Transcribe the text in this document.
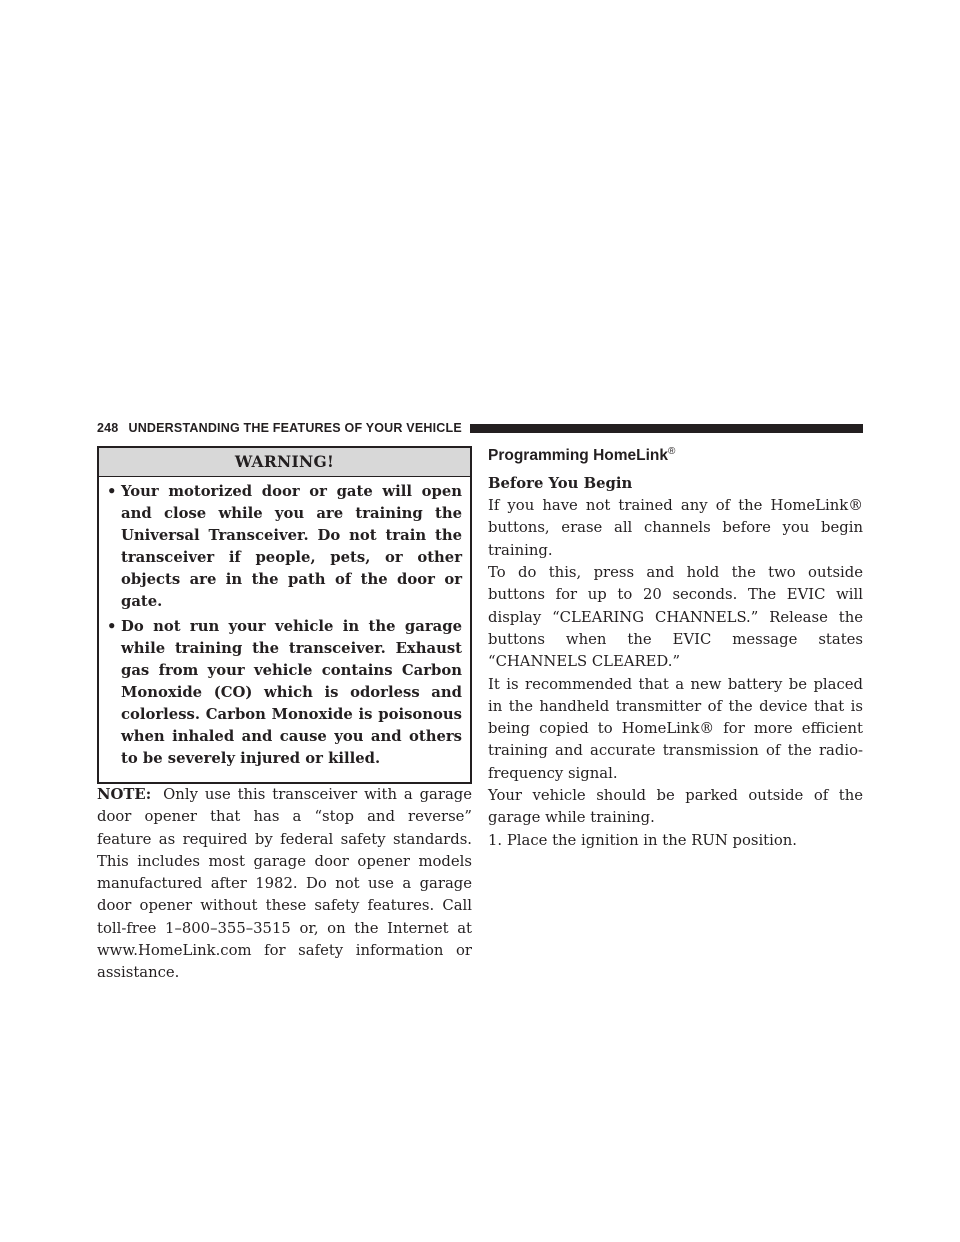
248 UNDERSTANDING THE FEATURES OF YOUR VEHICLE
WARNING!
• Your motorized door or gate will open and close while you are training the Universal Transceiver. Do not train the transceiver if people, pets, or other objects are in the path of the door or gate.
• Do not run your vehicle in the garage while training the transceiver. Exhaust gas from your vehicle contains Carbon Monoxide (CO) which is odorless and colorless. Carbon Monoxide is poisonous when inhaled and cause you and others to be severely injured or killed.

NOTE: Only use this transceiver with a garage door opener that has a “stop and reverse” feature as required by federal safety standards. This includes most garage door opener models manufactured after 1982. Do not use a garage door opener without these safety features. Call toll-free 1–800–355–3515 or, on the Internet at www.HomeLink.com for safety information or assistance.

Programming HomeLink®
Before You Begin

If you have not trained any of the HomeLink® buttons, erase all channels before you begin training.

To do this, press and hold the two outside buttons for up to 20 seconds. The EVIC will display “CLEARING CHANNELS.” Release the buttons when the EVIC message states “CHANNELS CLEARED.”

It is recommended that a new battery be placed in the handheld transmitter of the device that is being copied to HomeLink® for more efficient training and accurate transmission of the radio-frequency signal.

Your vehicle should be parked outside of the garage while training.

1. Place the ignition in the RUN position.
